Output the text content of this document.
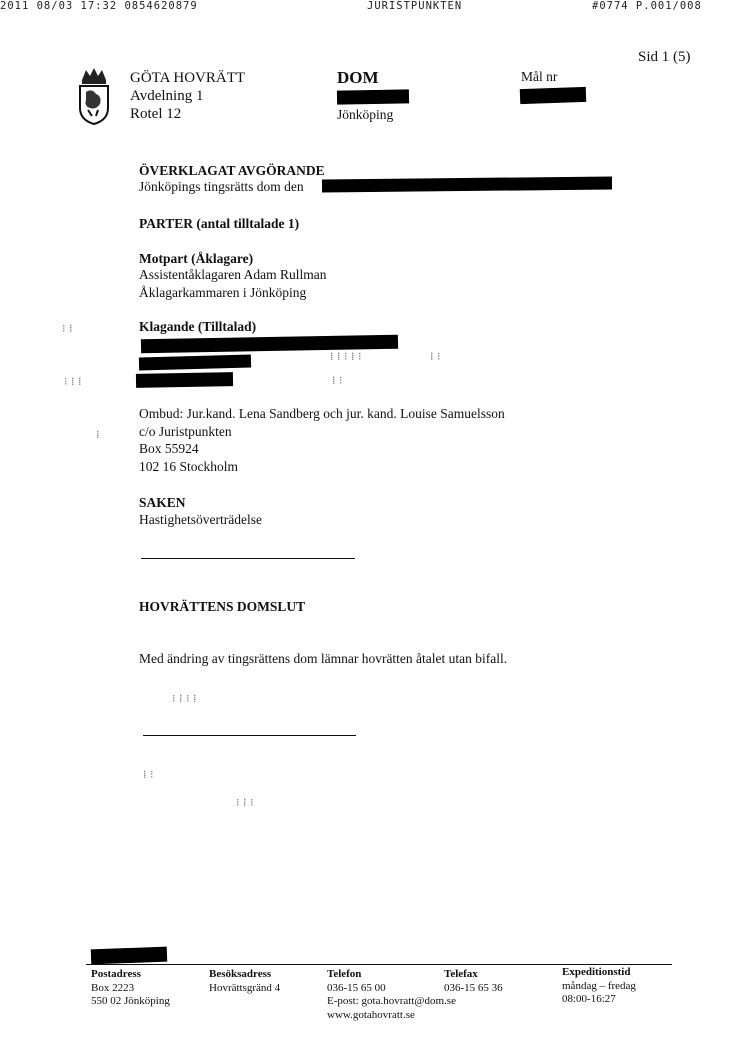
2011 08/03 17:32 0854620879	JURISTPUNKTEN	#0774 P.001/008
Sid 1 (5)
GÖTA HOVRÄTT
Avdelning 1
Rotel 12
DOM
Jönköping
Mål nr
ÖVERKLAGAT AVGÖRANDE
Jönköpings tingsrätts dom den
PARTER (antal tilltalade 1)
Motpart (Åklagare)
Assistentåklagaren Adam Rullman
Åklagarkammaren i Jönköping
Klagande (Tilltalad)
⁝ ⁞
⁞ ⁞ ⁝ ⁞ ⁝	⁞ ⁝
⁝ ⁞ ⁞	⁞ ⁝
⁞
Ombud: Jur.kand. Lena Sandberg och jur. kand. Louise Samuelsson
c/o Juristpunkten
Box 55924
102 16 Stockholm
SAKEN
Hastighetsöverträdelse
HOVRÄTTENS DOMSLUT
Med ändring av tingsrättens dom lämnar hovrätten åtalet utan bifall.
⁝ ⁞ ⁝ ⁞
⁞ ⁝
⁝ ⁞ ⁝
Postadress
Box 2223
550 02 Jönköping
Besöksadress
Hovrättsgränd 4
Telefon
036-15 65 00
E-post: gota.hovratt@dom.se
www.gotahovratt.se
Telefax
036-15 65 36
Expeditionstid
måndag – fredag
08:00-16:27
